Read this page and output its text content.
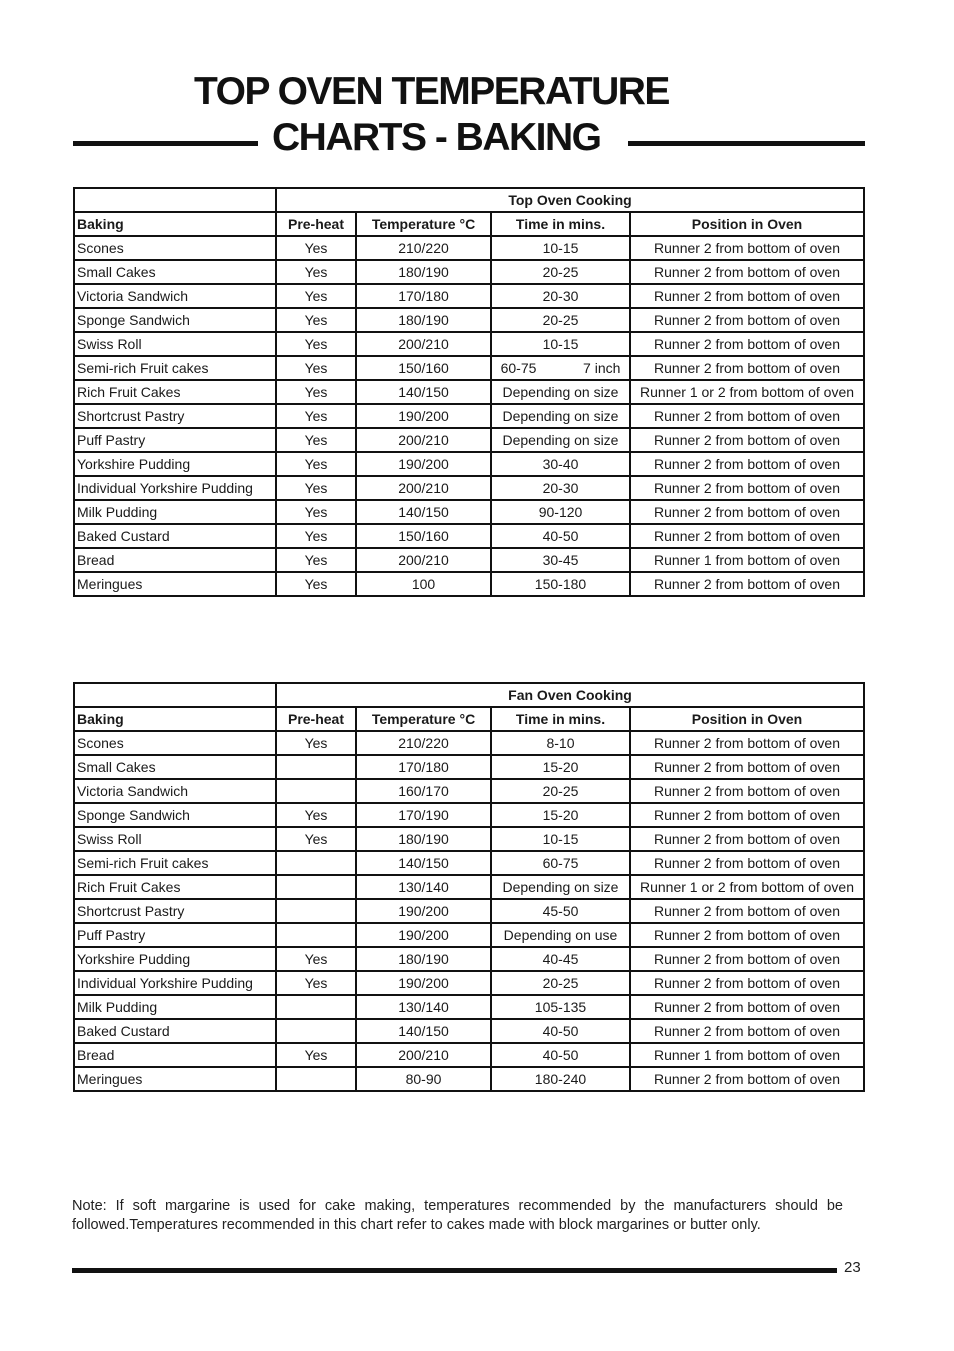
TOP OVEN TEMPERATURE
CHARTS - BAKING
	Top Oven Cooking			
Baking	Pre-heat	Temperature °C	Time in mins.	Position in Oven
Scones	Yes	210/220	10-15	Runner 2 from bottom of oven
Small Cakes	Yes	180/190	20-25	Runner 2 from bottom of oven
Victoria Sandwich	Yes	170/180	20-30	Runner 2 from bottom of oven
Sponge Sandwich	Yes	180/190	20-25	Runner 2 from bottom of oven
Swiss Roll	Yes	200/210	10-15	Runner 2 from bottom of oven
Semi-rich Fruit cakes	Yes	150/160	60-75            7 inch	Runner 2 from bottom of oven
Rich Fruit Cakes	Yes	140/150	Depending on size	Runner 1 or 2 from bottom of oven
Shortcrust Pastry	Yes	190/200	Depending on size	Runner 2 from bottom of oven
Puff Pastry	Yes	200/210	Depending on size	Runner 2 from bottom of oven
Yorkshire Pudding	Yes	190/200	30-40	Runner 2 from bottom of oven
Individual Yorkshire Pudding	Yes	200/210	20-30	Runner 2 from bottom of oven
Milk Pudding	Yes	140/150	90-120	Runner 2 from bottom of oven
Baked Custard	Yes	150/160	40-50	Runner 2 from bottom of oven
Bread	Yes	200/210	30-45	Runner 1 from bottom of oven
Meringues	Yes	100	150-180	Runner 2 from bottom of oven
	Fan Oven Cooking			
Baking	Pre-heat	Temperature °C	Time in mins.	Position in Oven
Scones	Yes	210/220	8-10	Runner 2 from bottom of oven
Small Cakes		170/180	15-20	Runner 2 from bottom of oven
Victoria Sandwich		160/170	20-25	Runner 2 from bottom of oven
Sponge Sandwich	Yes	170/190	15-20	Runner 2 from bottom of oven
Swiss Roll	Yes	180/190	10-15	Runner 2 from bottom of oven
Semi-rich Fruit cakes		140/150	60-75	Runner 2 from bottom of oven
Rich Fruit Cakes		130/140	Depending on size	Runner 1 or 2 from bottom of oven
Shortcrust Pastry		190/200	45-50	Runner 2 from bottom of oven
Puff Pastry		190/200	Depending on use	Runner 2 from bottom of oven
Yorkshire Pudding	Yes	180/190	40-45	Runner 2 from bottom of oven
Individual Yorkshire Pudding	Yes	190/200	20-25	Runner 2 from bottom of oven
Milk Pudding		130/140	105-135	Runner 2 from bottom of oven
Baked Custard		140/150	40-50	Runner 2 from bottom of oven
Bread	Yes	200/210	40-50	Runner 1 from bottom of oven
Meringues		80-90	180-240	Runner 2 from bottom of oven
Note: If soft margarine is used for cake making, temperatures recommended by the manufacturers should be followed.Temperatures recommended in this chart refer to cakes made with block margarines or butter only.
23
